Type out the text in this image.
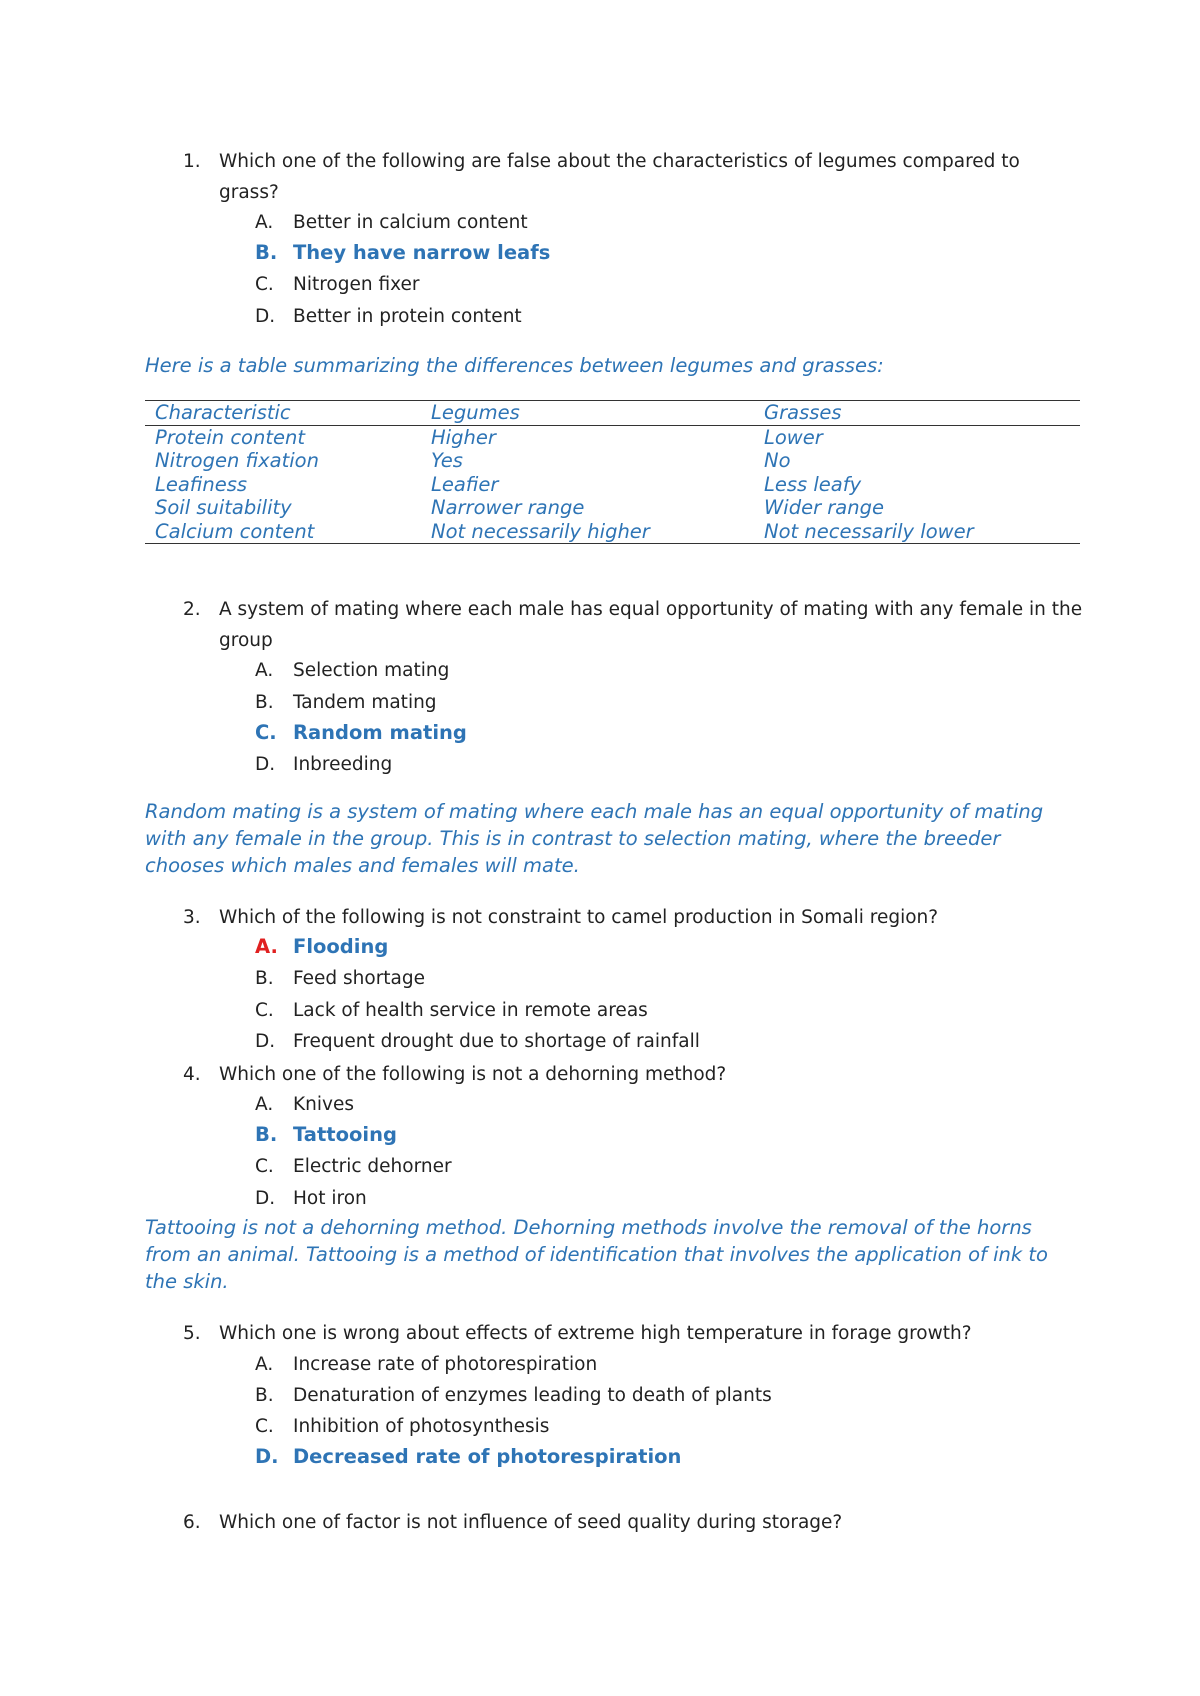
1. Which one of the following are false about the characteristics of legumes compared to grass?
A. Better in calcium content
B. They have narrow leafs
C. Nitrogen fixer
D. Better in protein content
Here is a table summarizing the differences between legumes and grasses:
Characteristic	Legumes	Grasses
Protein content	Higher	Lower
Nitrogen fixation	Yes	No
Leafiness	Leafier	Less leafy
Soil suitability	Narrower range	Wider range
Calcium content	Not necessarily higher	Not necessarily lower
2. A system of mating where each male has equal opportunity of mating with any female in the group
A. Selection mating
B. Tandem mating
C. Random mating
D. Inbreeding
Random mating is a system of mating where each male has an equal opportunity of mating with any female in the group. This is in contrast to selection mating, where the breeder chooses which males and females will mate.
3. Which of the following is not constraint to camel production in Somali region?
A. Flooding
B. Feed shortage
C. Lack of health service in remote areas
D. Frequent drought due to shortage of rainfall
4. Which one of the following is not a dehorning method?
A. Knives
B. Tattooing
C. Electric dehorner
D. Hot iron
Tattooing is not a dehorning method. Dehorning methods involve the removal of the horns from an animal. Tattooing is a method of identification that involves the application of ink to the skin.
5. Which one is wrong about effects of extreme high temperature in forage growth?
A. Increase rate of photorespiration
B. Denaturation of enzymes leading to death of plants
C. Inhibition of photosynthesis
D. Decreased rate of photorespiration
6. Which one of factor is not influence of seed quality during storage?
